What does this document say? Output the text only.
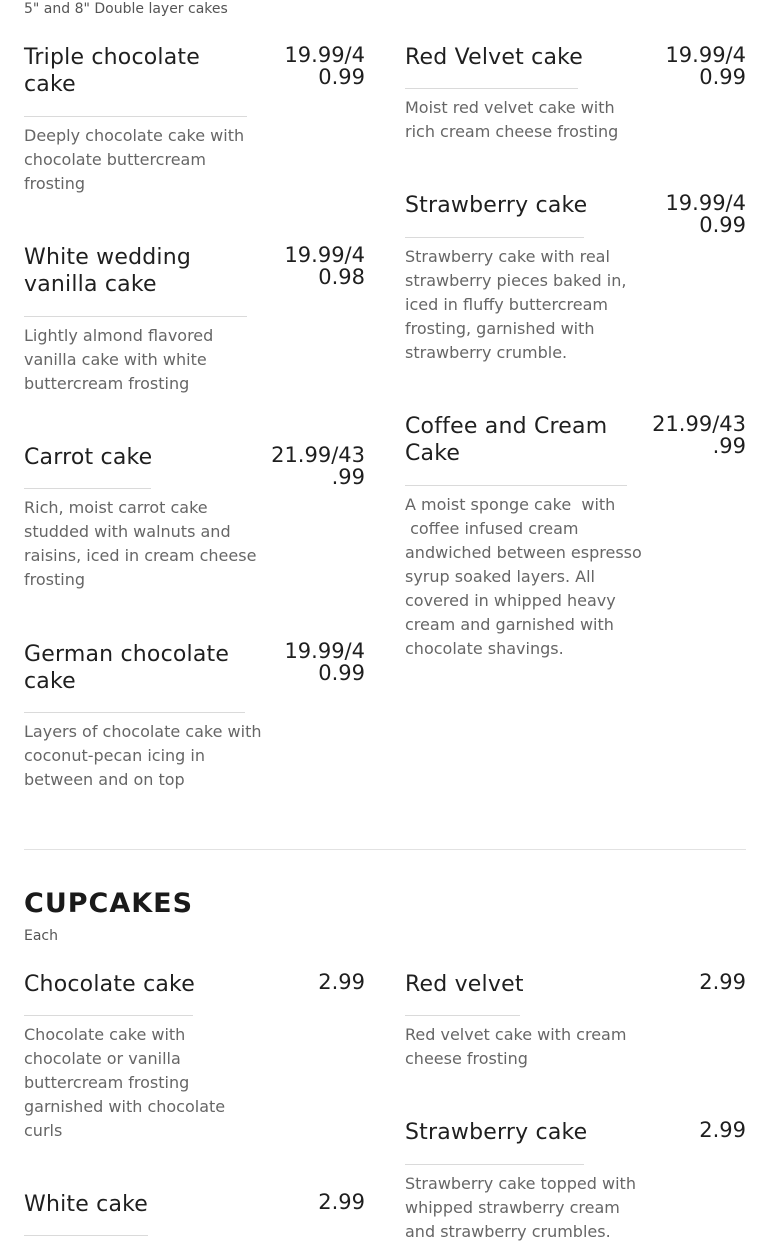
5" and 8" Double layer cakes
Triple chocolate
cake
19.99/4
0.99
Deeply chocolate cake with
chocolate buttercream
frosting
Red Velvet cake	19.99/4
0.99
Moist red velvet cake with
rich cream cheese frosting
White wedding
vanilla cake
19.99/4
0.98
Lightly almond flavored
vanilla cake with white
buttercream frosting
Strawberry cake	19.99/4
0.99
Strawberry cake with real
strawberry pieces baked in,
iced in fluffy buttercream
frosting, garnished with
strawberry crumble.
Carrot cake	21.99/43
.99
Rich, moist carrot cake
studded with walnuts and
raisins, iced in cream cheese
frosting
Coffee and Cream
Cake
21.99/43
.99
A moist sponge cake  with
coffee infused cream
andwiched between espresso
syrup soaked layers. All
covered in whipped heavy
cream and garnished with
chocolate shavings.
German chocolate
cake
19.99/4
0.99
Layers of chocolate cake with
coconut-pecan icing in
between and on top
CUPCAKES
Each
Chocolate cake	2.99
Chocolate cake with
chocolate or vanilla
buttercream frosting
garnished with chocolate
curls
Red velvet	2.99
Red velvet cake with cream
cheese frosting
Strawberry cake	2.99
Strawberry cake topped with
whipped strawberry cream
and strawberry crumbles.
White cake	2.99
